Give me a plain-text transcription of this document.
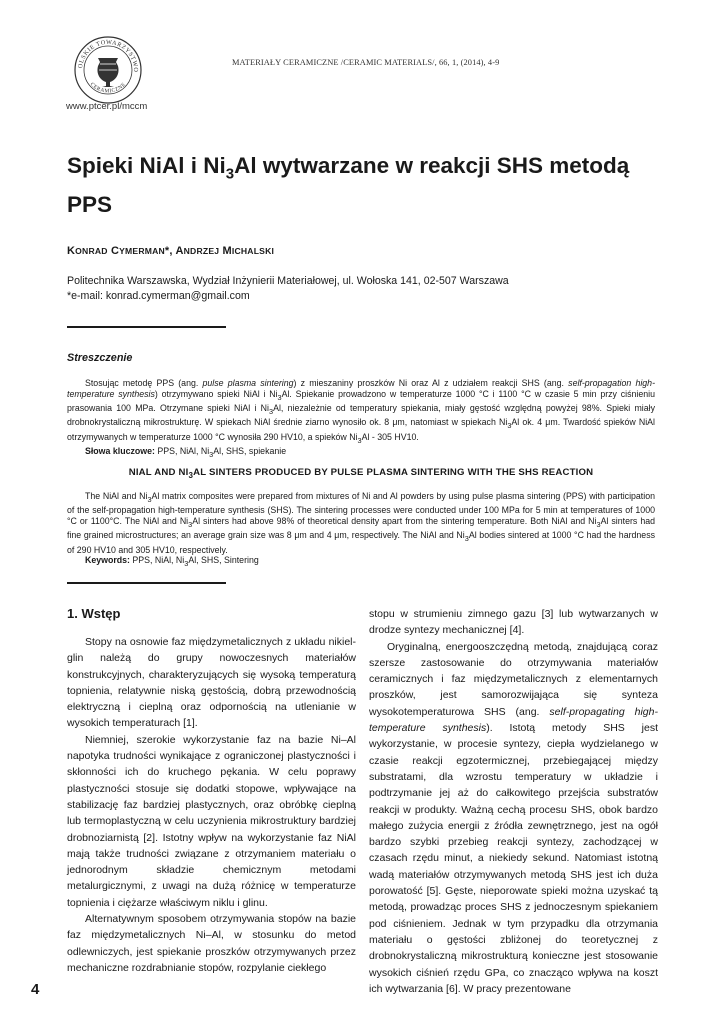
OLSKIE TOWARZYSTWO
CERAMICZNE
www.ptcer.pl/mccm
MATERIAŁY CERAMICZNE /CERAMIC MATERIALS/, 66, 1, (2014), 4-9
Spieki NiAl i $Ni_3Al$ wytwarzane w reakcji SHS metodą PPS
KONRAD CYMERMAN*, ANDRZEJ MICHALSKI
Politechnika Warszawska, Wydział Inżynierii Materiałowej, ul. Wołoska 141, 02-507 Warszawa
*e-mail: konrad.cymerman@gmail.com
Streszczenie

Stosując metodę PPS (ang. pulse plasma sintering) z mieszaniny proszków Ni oraz Al z udziałem reakcji SHS (ang. self-propagation high-temperature synthesis) otrzymywano spieki NiAl i $Ni_3Al$. Spiekanie prowadzono w temperaturze 1000 °C i 1100 °C w czasie 5 min przy ciśnieniu prasowania 100 MPa. Otrzymane spieki NiAl i $Ni_3Al$, niezależnie od temperatury spiekania, miały gęstość względną powyżej 98%. Spieki miały drobnokrystaliczną mikrostrukturę. W spiekach NiAl średnie ziarno wynosiło ok. 8 μm, natomiast w spiekach $Ni_3Al$ ok. 4 μm. Twardość spieków NiAl otrzymywanych w temperaturze 1000 °C wynosiła 290 HV10, a spieków $Ni_3Al - 305$ HV10.

Słowa kluczowe: PPS, NiAl, $Ni_3Al$, SHS, spiekanie

NIAL AND $NI_3AL$ SINTERS PRODUCED BY PULSE PLASMA SINTERING WITH THE SHS REACTION

The NiAl and $Ni_3Al$ matrix composites were prepared from mixtures of Ni and Al powders by using pulse plasma sintering (PPS) with participation of the self-propagation high-temperature synthesis (SHS). The sintering processes were conducted under 100 MPa for 5 min at temperatures of 1000 °C or 1100°C. The NiAl and $Ni_3Al$ sinters had above 98% of theoretical density apart from the sintering temperature. Both NiAl and $Ni_3Al$ sinters had fine grained microstructures; an average grain size was 8 μm and 4 μm, respectively. The NiAl and $Ni_3Al$ bodies sintered at 1000 °C had the hardness of 290 HV10 and 305 HV10, respectively.

Keywords: PPS, NiAl, $Ni_3Al$, SHS, Sintering

1. Wstęp

Stopy na osnowie faz międzymetalicznych z układu nikiel-glin należą do grupy nowoczesnych materiałów konstrukcyjnych, charakteryzujących się wysoką temperaturą topnienia, relatywnie niską gęstością, dobrą przewodnością elektryczną i cieplną oraz odpornością na utlenianie w wysokich temperaturach [1].

Niemniej, szerokie wykorzystanie faz na bazie Ni–Al napotyka trudności wynikające z ograniczonej plastyczności i skłonności ich do kruchego pękania. W celu poprawy plastyczności stosuje się dodatki stopowe, wpływające na stabilizację faz bardziej plastycznych, oraz obróbkę cieplną lub termoplastyczną w celu uczynienia mikrostruktury bardziej drobnoziarnistą [2]. Istotny wpływ na wykorzystanie faz NiAl mają także trudności związane z otrzymaniem materiału o jednorodnym składzie chemicznym metodami metalurgicznymi, z uwagi na dużą różnicę w temperaturze topnienia i ciężarze właściwym niklu i glinu.

Alternatywnym sposobem otrzymywania stopów na bazie faz międzymetalicznych Ni–Al, w stosunku do metod odlewniczych, jest spiekanie proszków otrzymywanych przez mechaniczne rozdrabnianie stopów, rozpylanie ciekłego

stopu w strumieniu zimnego gazu [3] lub wytwarzanych w drodze syntezy mechanicznej [4].

Oryginalną, energooszczędną metodą, znajdującą coraz szersze zastosowanie do otrzymywania materiałów ceramicznych i faz międzymetalicznych z elementarnych proszków, jest samorozwijająca się synteza wysokotemperaturowa SHS (ang. self-propagating high-temperature synthesis). Istotą metody SHS jest wykorzystanie, w procesie syntezy, ciepła wydzielanego w czasie reakcji egzotermicznej, przebiegającej między substratami, dla wzrostu temperatury w układzie i podtrzymanie jej aż do całkowitego przejścia substratów reakcji w produkty. Ważną cechą procesu SHS, obok bardzo małego zużycia energii z źródła zewnętrznego, jest na ogół bardzo szybki przebieg reakcji syntezy, zachodzącej w czasach rzędu minut, a niekiedy sekund. Natomiast istotną wadą materiałów otrzymywanych metodą SHS jest ich duża porowatość [5]. Gęste, nieporowate spieki można uzyskać tą metodą, prowadząc proces SHS z jednoczesnym spiekaniem pod ciśnieniem. Jednak w tym przypadku dla otrzymania materiału o gęstości zbliżonej do teoretycznej z drobnokrystaliczną mikrostrukturą konieczne jest stosowanie wysokich ciśnień rzędu GPa, co znacząco wpływa na koszt ich wytwarzania [6]. W pracy prezentowane

4
